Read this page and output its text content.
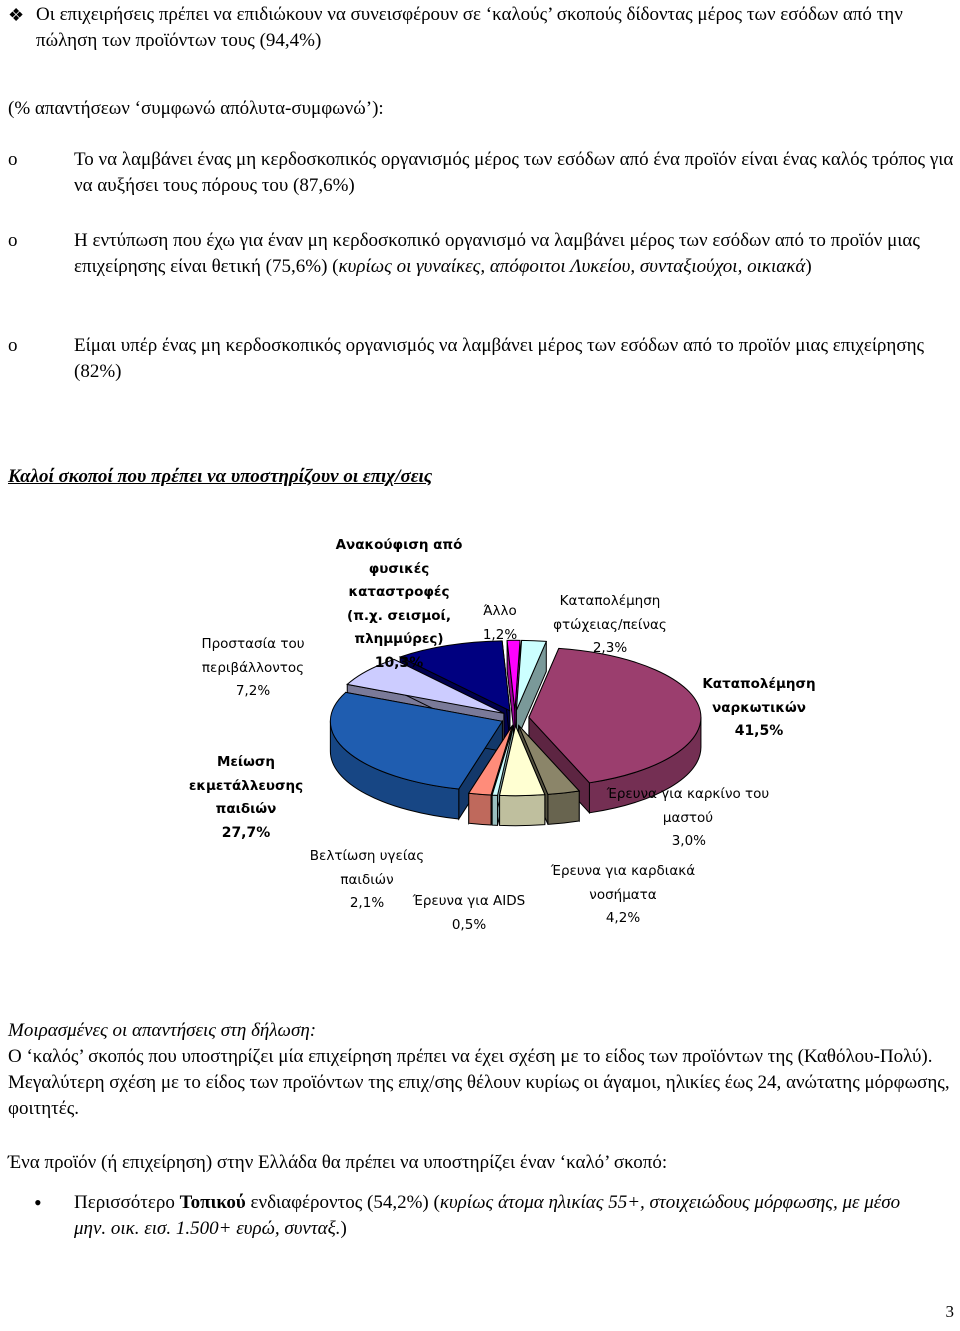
❖ Οι επιχειρήσεις πρέπει να επιδιώκουν να συνεισφέρουν σε ‘καλούς’ σκοπούς δίδοντας μέρος των εσόδων από την πώληση των προϊόντων τους (94,4%)
(% απαντήσεων ‘συμφωνώ απόλυτα-συμφωνώ’):
o	Το να λαμβάνει ένας μη κερδοσκοπικός οργανισμός μέρος των εσόδων από ένα προϊόν είναι ένας καλός τρόπος για να αυξήσει τους πόρους του (87,6%)
o	Η εντύπωση που έχω για έναν μη κερδοσκοπικό οργανισμό να λαμβάνει μέρος των εσόδων από το προϊόν μιας επιχείρησης είναι θετική (75,6%) (κυρίως οι γυναίκες, απόφοιτοι Λυκείου, συνταξιούχοι, οικιακά)
o	Είμαι υπέρ ένας μη κερδοσκοπικός οργανισμός να λαμβάνει μέρος των εσόδων από το προϊόν μιας επιχείρησης (82%)
Καλοί σκοποί που πρέπει να υποστηρίζουν οι επιχ/σεις
Ανακούφιση από
φυσικές καταστροφές
(π.χ. σεισμοί,
πλημμύρες)
10,3%
Άλλο
1,2%
Καταπολέμηση
φτώχειας/πείνας
2,3%
Προστασία του
περιβάλλοντος
7,2%	Καταπολέμηση
ναρκωτικών
41,5%
Μείωση εκμετάλλευσης
παιδιών
27,7%
Έρευνα για καρκίνο του
μαστού
3,0%
Βελτίωση υγείας
παιδιών
2,1%
Έρευνα για καρδιακά
νοσήματα
4,2%
Έρευνα για AIDS
0,5%
Μοιρασμένες οι απαντήσεις στη δήλωση:
Ο ‘καλός’ σκοπός που υποστηρίζει μία επιχείρηση πρέπει να έχει σχέση με το είδος των προϊόντων της (Καθόλου-Πολύ). Μεγαλύτερη σχέση με το είδος των προϊόντων της επιχ/σης θέλουν κυρίως οι άγαμοι, ηλικίες έως 24, ανώτατης μόρφωσης, φοιτητές.
Ένα προϊόν (ή επιχείρηση) στην Ελλάδα θα πρέπει να υποστηρίζει έναν ‘καλό’ σκοπό:
• Περισσότερο Τοπικού ενδιαφέροντος (54,2%) (κυρίως άτομα ηλικίας 55+, στοιχειώδους μόρφωσης, με μέσο μην. οικ. εισ. 1.500+ ευρώ, συνταξ.)
3
